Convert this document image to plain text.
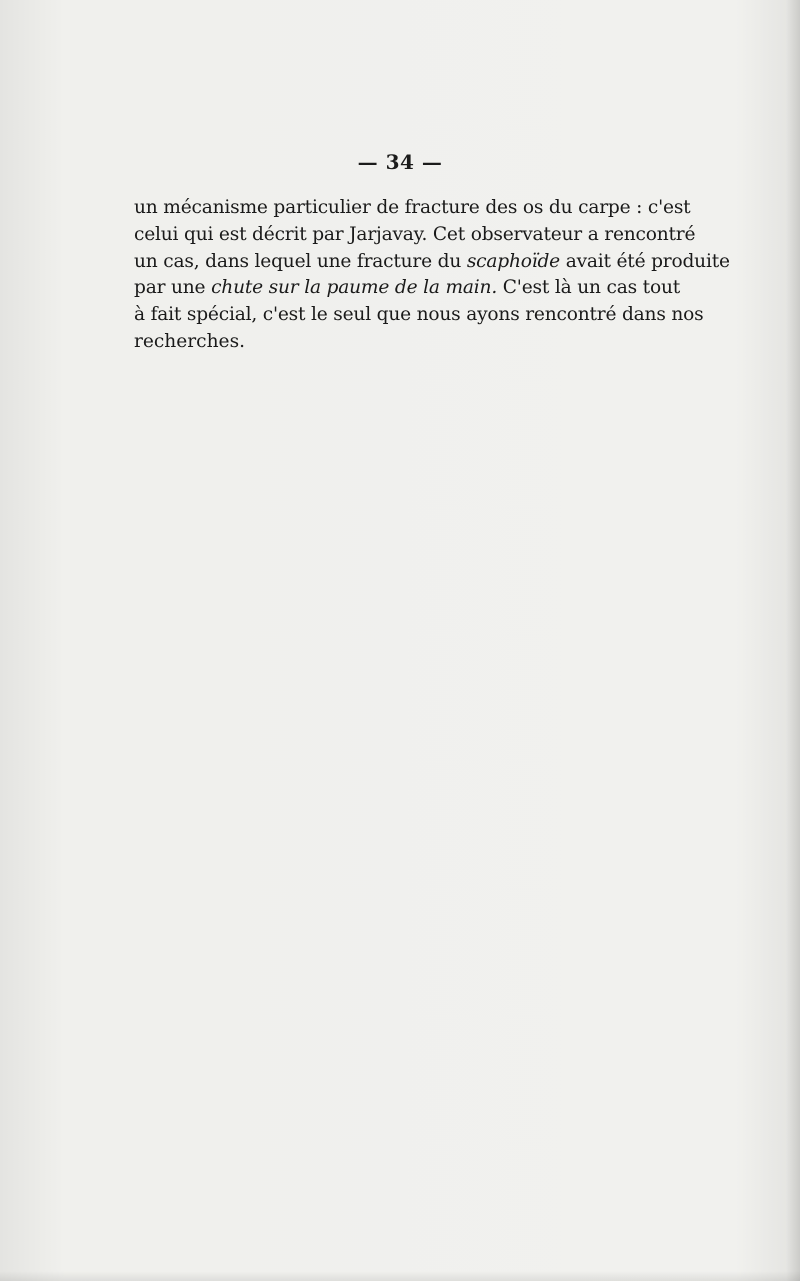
— 34 —
un mécanisme particulier de fracture des os du carpe : c'est
celui qui est décrit par Jarjavay. Cet observateur a rencontré
un cas, dans lequel une fracture du scaphoïde avait été produite
par une chute sur la paume de la main. C'est là un cas tout
à fait spécial, c'est le seul que nous ayons rencontré dans nos
recherches.
